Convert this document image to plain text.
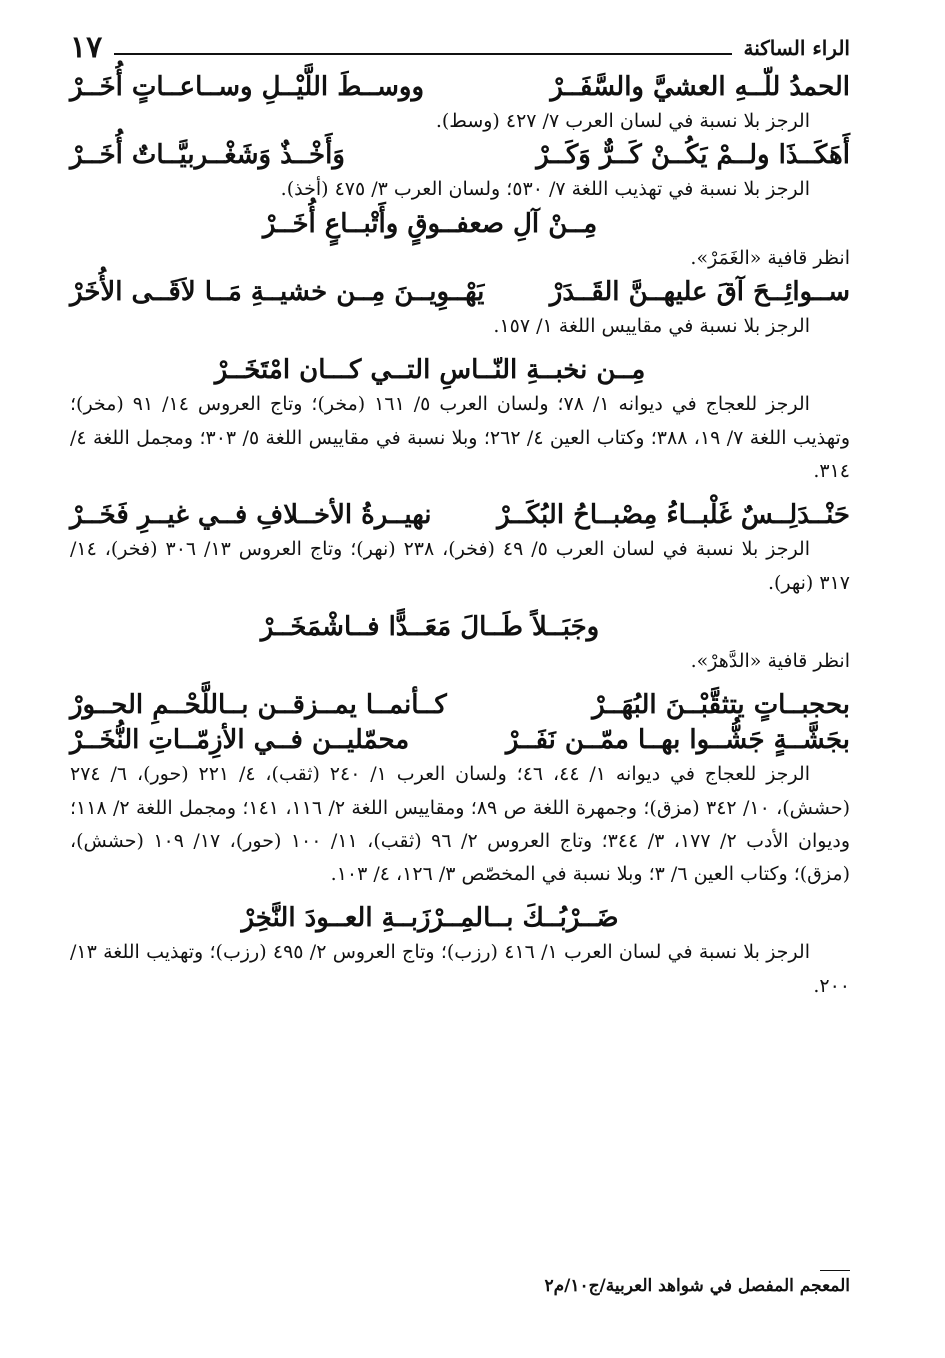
الراء الساكنة
١٧
الحمدُ للّــهِ العشيَّ والسَّفَــرْ
ووســطَ اللَّيْــلِ وســاعــاتٍ أُخَــرْ

الرجز بلا نسبة في لسان العرب ٧/ ٤٢٧ (وسط).

أَهَكَــذَا ولــمْ يَكُــنْ كَــرٌّ وَكَــرْ
وَأَخْــذٌ وَشَغْــربيَّــاتٌ أُخَــرْ

الرجز بلا نسبة في تهذيب اللغة ٧/ ٥٣٠؛ ولسان العرب ٣/ ٤٧٥ (أخذ).

مِــنْ آلِ صعفــوقٍ وأَتْبــاعٍ أُخَــرْ

انظر قافية «الغَمَرْ».

ســوائِــحَ آقَ عليهــنَّ القَــدَرْ
يَهْــوِيــنَ مِــن خشيــةِ مَــا لاَقَــى الأُخَرْ

الرجز بلا نسبة في مقاييس اللغة ١/ ١٥٧.

مِــن نخبــةِ النّــاسِ التــي كـــان امْتَخَــرْ

الرجز للعجاج في ديوانه ١/ ٧٨؛ ولسان العرب ٥/ ١٦١ (مخر)؛ وتاج العروس ١٤/ ٩١ (مخر)؛ وتهذيب اللغة ٧/ ١٩، ٣٨٨؛ وكتاب العين ٤/ ٢٦٢؛ وبلا نسبة في مقاييس اللغة ٥/ ٣٠٣؛ ومجمل اللغة ٤/ ٣١٤.

حَنْــدَلِــسٌ غَلْبــاءُ مِصْبــاحُ البُكَــرْ
نهيــرةُ الأخــلافِ فــي غيــرِ فَخَــرْ

الرجز بلا نسبة في لسان العرب ٥/ ٤٩ (فخر)، ٢٣٨ (نهر)؛ وتاج العروس ١٣/ ٣٠٦ (فخر)، ١٤/ ٣١٧ (نهر).

وجَبَــلاً طَــالَ مَعَــدًّا فــاشْمَخَــرْ

انظر قافية «الدَّهرْ».

بحجبــاتٍ يتثقَّبْــنَ البُهَــرْ
كــأنمــا يمــزقــن بــاللَّحْــمِ الحــورْ
بجَشَّــةٍ جَشُّــوا بهــا ممّــن نَفَــرْ
محمّليــن فــي الأزِمّــاتِ النُّخَــرْ

الرجز للعجاج في ديوانه ١/ ٤٤، ٤٦؛ ولسان العرب ١/ ٢٤٠ (ثقب)، ٤/ ٢٢١ (حور)، ٦/ ٢٧٤ (حشش)، ١٠/ ٣٤٢ (مزق)؛ وجمهرة اللغة ص ٨٩؛ ومقاييس اللغة ٢/ ١١٦، ١٤١؛ ومجمل اللغة ٢/ ١١٨؛ وديوان الأدب ٢/ ١٧٧، ٣/ ٣٤٤؛ وتاج العروس ٢/ ٩٦ (ثقب)، ١١/ ١٠٠ (حور)، ١٧/ ١٠٩ (حشش)، (مزق)؛ وكتاب العين ٦/ ٣؛ وبلا نسبة في المخصّص ٣/ ١٢٦، ٤/ ١٠٣.

ضَــرْبُــكَ بــالمِــرْزَبــةِ العــودَ النَّخِرْ

الرجز بلا نسبة في لسان العرب ١/ ٤١٦ (رزب)؛ وتاج العروس ٢/ ٤٩٥ (رزب)؛ وتهذيب اللغة ١٣/ ٢٠٠.

المعجم المفصل في شواهد العربية/ج١٠/م٢
